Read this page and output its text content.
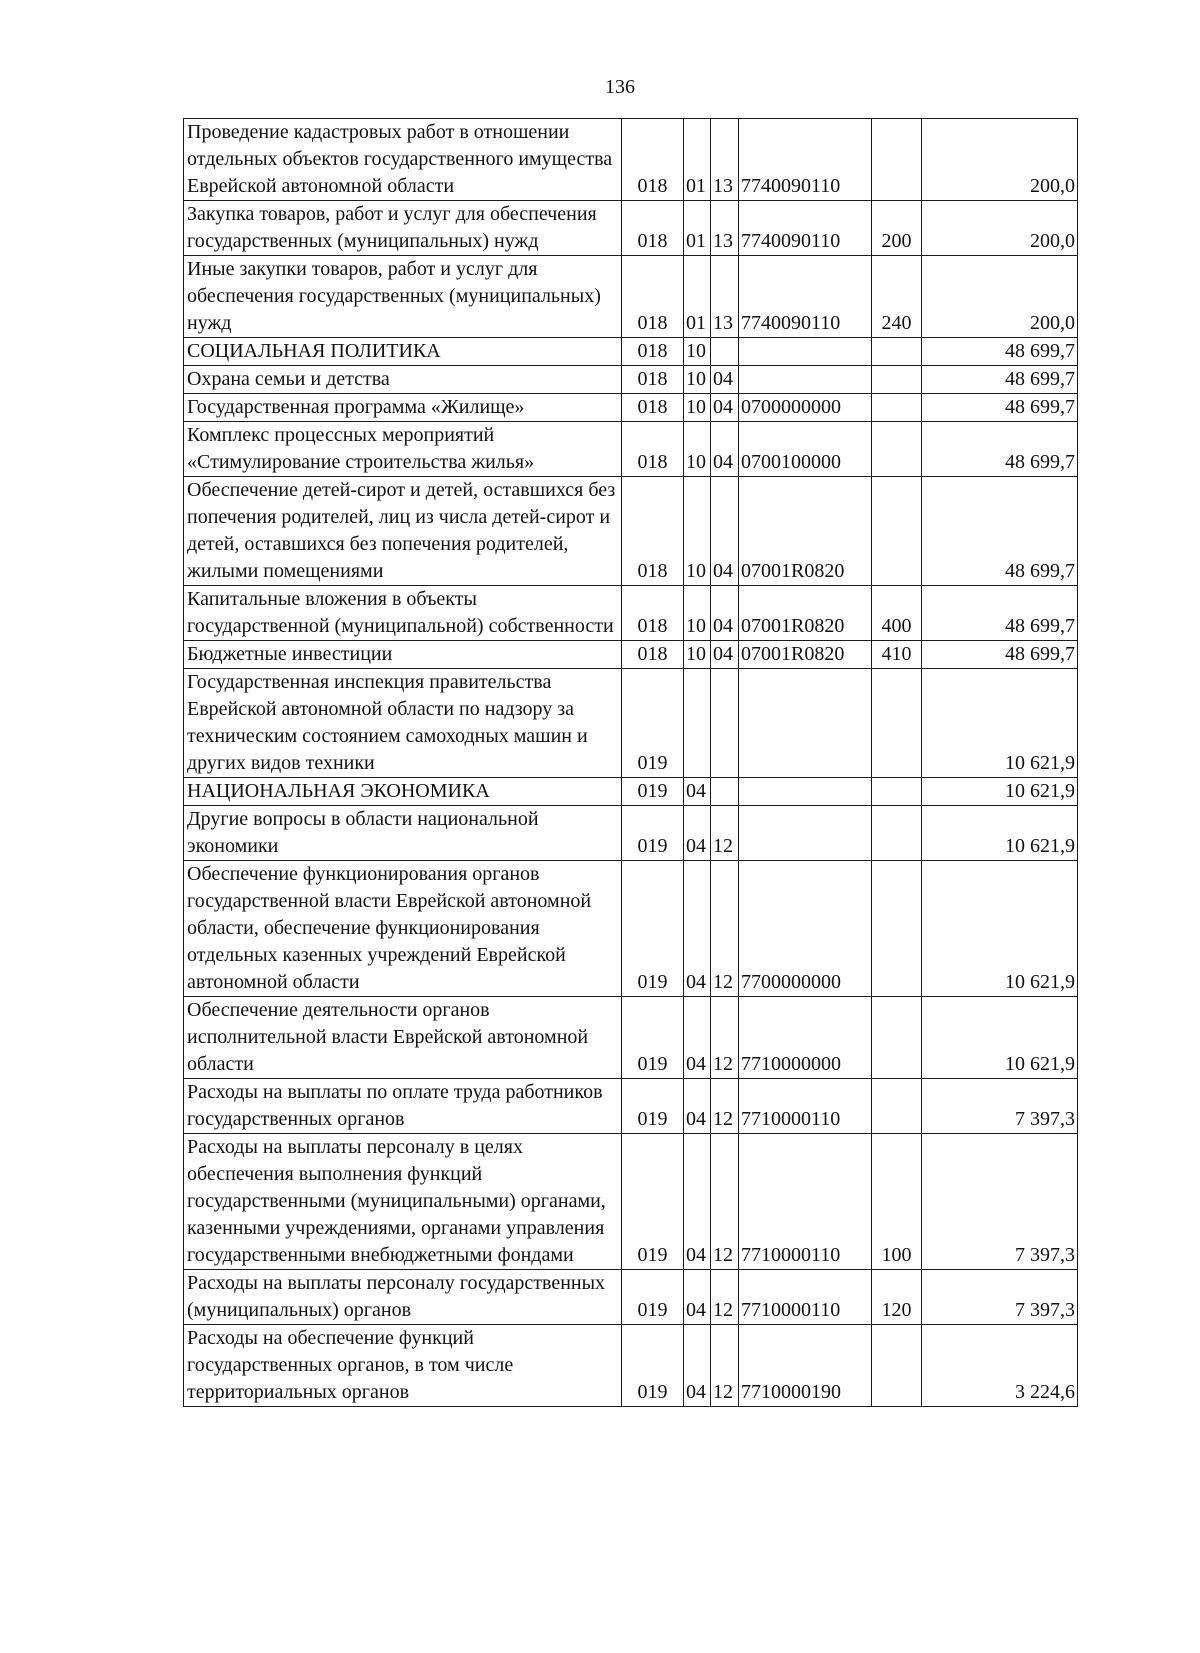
136
Проведение кадастровых работ в отношении отдельных объектов государственного имущества Еврейской автономной области	018	01	13	7740090110		200,0
Закупка товаров, работ и услуг для обеспечения государственных (муниципальных) нужд	018	01	13	7740090110	200	200,0
Иные закупки товаров, работ и услуг для обеспечения государственных (муниципальных) нужд	018	01	13	7740090110	240	200,0
СОЦИАЛЬНАЯ ПОЛИТИКА	018	10				48 699,7
Охрана семьи и детства	018	10	04			48 699,7
Государственная программа «Жилище»	018	10	04	0700000000		48 699,7
Комплекс процессных мероприятий «Стимулирование строительства жилья»	018	10	04	0700100000		48 699,7
Обеспечение детей-сирот и детей, оставшихся без попечения родителей, лиц из числа детей-сирот и детей, оставшихся без попечения родителей, жилыми помещениями	018	10	04	07001R0820		48 699,7
Капитальные вложения в объекты государственной (муниципальной) собственности	018	10	04	07001R0820	400	48 699,7
Бюджетные инвестиции	018	10	04	07001R0820	410	48 699,7
Государственная инспекция правительства Еврейской автономной области по надзору за техническим состоянием самоходных машин и других видов техники	019					10 621,9
НАЦИОНАЛЬНАЯ ЭКОНОМИКА	019	04				10 621,9
Другие вопросы в области национальной экономики	019	04	12			10 621,9
Обеспечение функционирования органов государственной власти Еврейской автономной области, обеспечение функционирования отдельных казенных учреждений Еврейской автономной области	019	04	12	7700000000		10 621,9
Обеспечение деятельности органов исполнительной власти Еврейской автономной области	019	04	12	7710000000		10 621,9
Расходы на выплаты по оплате труда работников государственных органов	019	04	12	7710000110		7 397,3
Расходы на выплаты персоналу в целях обеспечения выполнения функций государственными (муниципальными) органами, казенными учреждениями, органами управления государственными внебюджетными фондами	019	04	12	7710000110	100	7 397,3
Расходы на выплаты персоналу государственных (муниципальных) органов	019	04	12	7710000110	120	7 397,3
Расходы на обеспечение функций государственных органов, в том числе территориальных органов	019	04	12	7710000190		3 224,6
